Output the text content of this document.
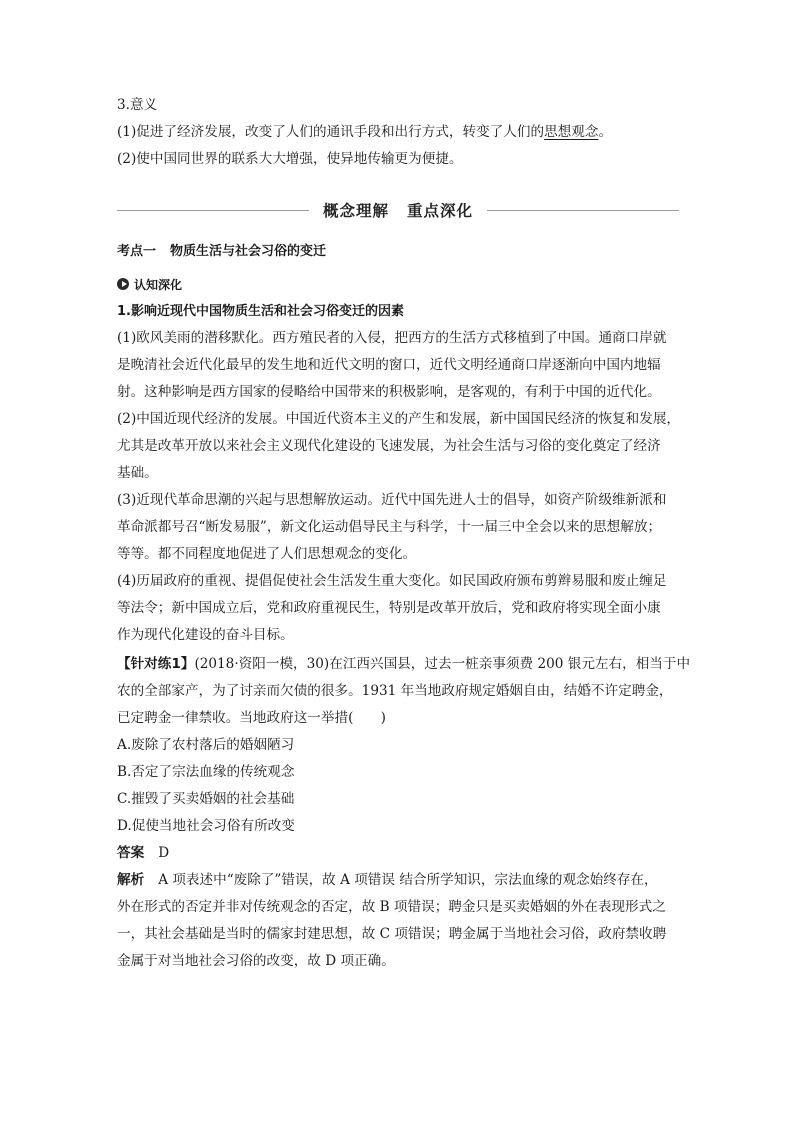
3.意义
(1)促进了经济发展，改变了人们的通讯手段和出行方式，转变了人们的思想观念。
(2)使中国同世界的联系大大增强，使异地传输更为便捷。
概念理解 重点深化
考点一 物质生活与社会习俗的变迁
认知深化
1.影响近现代中国物质生活和社会习俗变迁的因素
(1)欧风美雨的潜移默化。西方殖民者的入侵，把西方的生活方式移植到了中国。通商口岸就
是晚清社会近代化最早的发生地和近代文明的窗口，近代文明经通商口岸逐渐向中国内地辐
射。这种影响是西方国家的侵略给中国带来的积极影响，是客观的，有利于中国的近代化。
(2)中国近现代经济的发展。中国近代资本主义的产生和发展，新中国国民经济的恢复和发展，
尤其是改革开放以来社会主义现代化建设的飞速发展，为社会生活与习俗的变化奠定了经济
基础。
(3)近现代革命思潮的兴起与思想解放运动。近代中国先进人士的倡导，如资产阶级维新派和
革命派都号召“断发易服”，新文化运动倡导民主与科学，十一届三中全会以来的思想解放；
等等。都不同程度地促进了人们思想观念的变化。
(4)历届政府的重视、提倡促使社会生活发生重大变化。如民国政府颁布剪辫易服和废止缠足
等法令；新中国成立后，党和政府重视民生，特别是改革开放后，党和政府将实现全面小康
作为现代化建设的奋斗目标。
【针对练1】(2018·资阳一模，30)在江西兴国县，过去一桩亲事须费 200 银元左右，相当于中
农的全部家产，为了讨亲而欠债的很多。1931 年当地政府规定婚姻自由，结婚不许定聘金，
已定聘金一律禁收。当地政府这一举措(　　)
A.废除了农村落后的婚姻陋习
B.否定了宗法血缘的传统观念
C.摧毁了买卖婚姻的社会基础
D.促使当地社会习俗有所改变
答案 D
解析 A 项表述中“废除了”错误，故 A 项错误 结合所学知识，宗法血缘的观念始终存在，
外在形式的否定并非对传统观念的否定，故 B 项错误；聘金只是买卖婚姻的外在表现形式之
一，其社会基础是当时的儒家封建思想，故 C 项错误；聘金属于当地社会习俗，政府禁收聘
金属于对当地社会习俗的改变，故 D 项正确。
